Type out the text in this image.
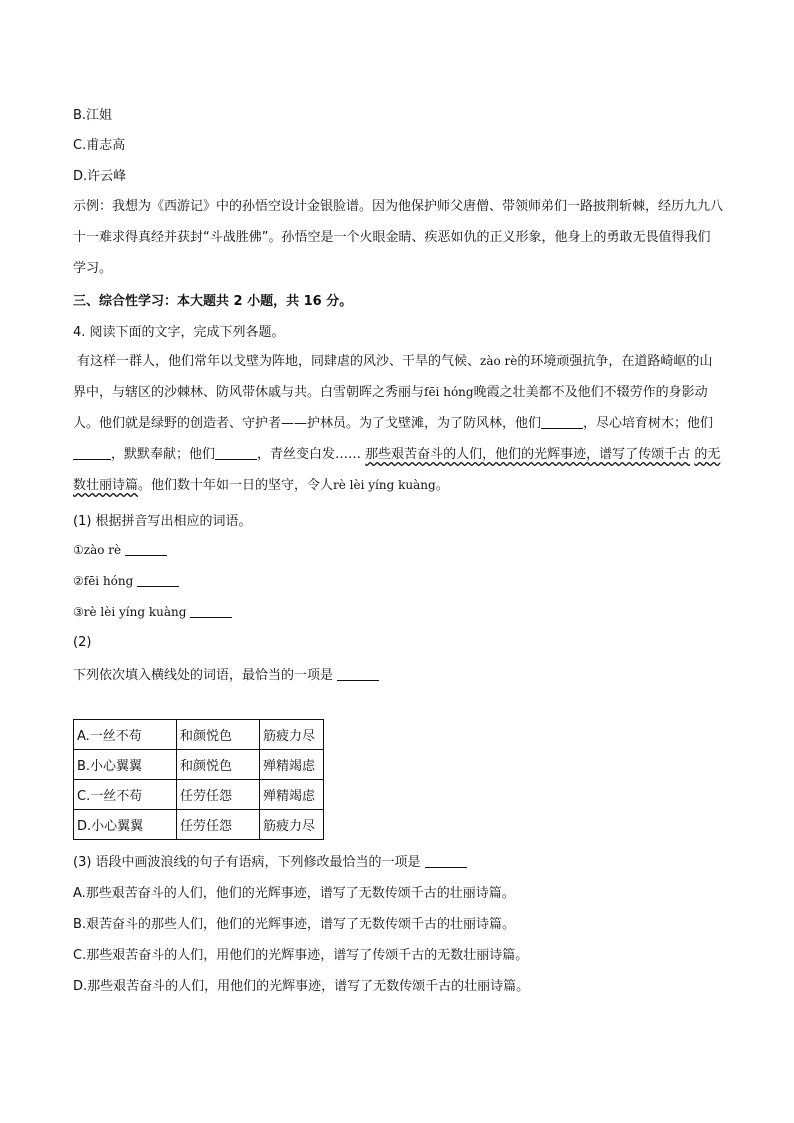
B.江姐
C.甫志高
D.许云峰
示例：我想为《西游记》中的孙悟空设计金银脸谱。因为他保护师父唐僧、带领师弟们一路披荆斩棘，经历九九八十一难求得真经并获封“斗战胜佛”。孙悟空是一个火眼金睛、疾恶如仇的正义形象，他身上的勇敢无畏值得我们学习。
三、综合性学习：本大题共 2 小题，共 16 分。
4. 阅读下面的文字，完成下列各题。
有这样一群人，他们常年以戈壁为阵地，同肆虐的风沙、干旱的气候、zào rè的环境顽强抗争，在道路崎岖的山界中，与辖区的沙棘林、防风带休戚与共。白雪朝晖之秀丽与fēi hóng晚霞之壮美都不及他们不辍劳作的身影动人。他们就是绿野的创造者、守护者——护林员。为了戈壁滩，为了防风林，他们	，尽心培育树木；他们，默默奉献；他们	，青丝变白发…… 那些艰苦奋斗的人们，他们的光辉事迹，谱写了传颂千古 的无数壮丽诗篇。他们数十年如一日的坚守，令人rè lèi yíng kuàng。
(1) 根据拼音写出相应的词语。
①zào rè
②fēi hóng
③rè lèi yíng kuàng
(2)
下列依次填入横线处的词语，最恰当的一项是
A.一丝不苟	和颜悦色	筋疲力尽
B.小心翼翼	和颜悦色	殚精竭虑
C.一丝不苟	任劳任怨	殚精竭虑
D.小心翼翼	任劳任怨	筋疲力尽
(3) 语段中画波浪线的句子有语病，下列修改最恰当的一项是
A.那些艰苦奋斗的人们，他们的光辉事迹，谱写了无数传颂千古的壮丽诗篇。
B.艰苦奋斗的那些人们，他们的光辉事迹，谱写了无数传颂千古的壮丽诗篇。
C.那些艰苦奋斗的人们，用他们的光辉事迹，谱写了传颂千古的无数壮丽诗篇。
D.那些艰苦奋斗的人们，用他们的光辉事迹，谱写了无数传颂千古的壮丽诗篇。
